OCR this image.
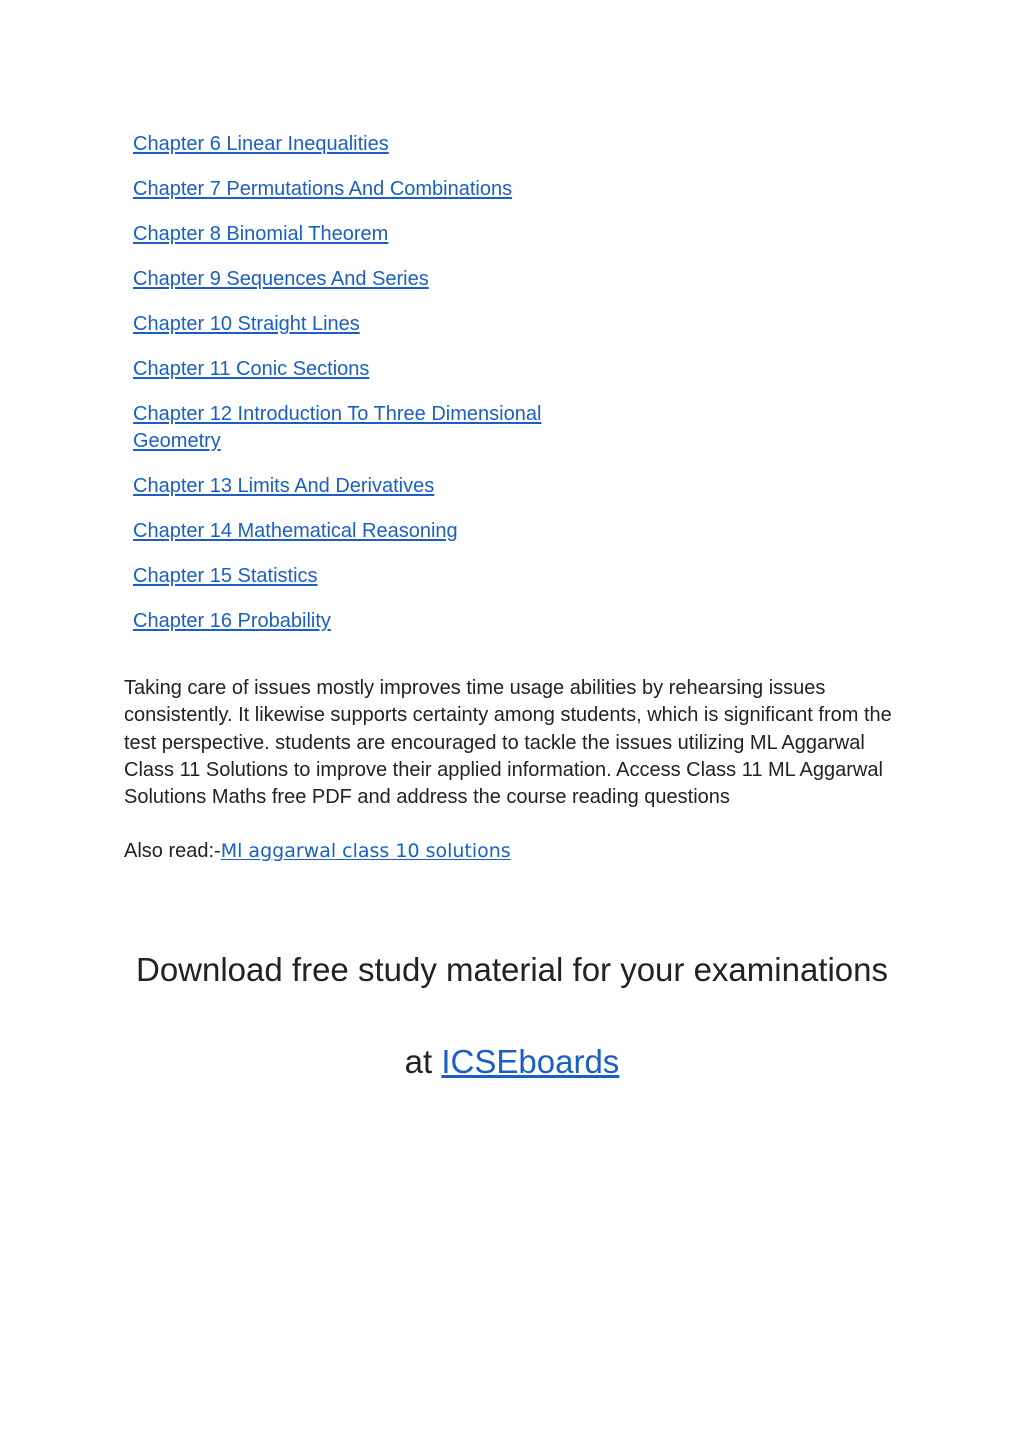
Chapter 6 Linear Inequalities
Chapter 7 Permutations And Combinations
Chapter 8 Binomial Theorem
Chapter 9 Sequences And Series
Chapter 10 Straight Lines
Chapter 11 Conic Sections
Chapter 12 Introduction To Three Dimensional Geometry
Chapter 13 Limits And Derivatives
Chapter 14 Mathematical Reasoning
Chapter 15 Statistics
Chapter 16 Probability

Taking care of issues mostly improves time usage abilities by rehearsing issues consistently. It likewise supports certainty among students, which is significant from the test perspective. students are encouraged to tackle the issues utilizing ML Aggarwal Class 11 Solutions to improve their applied information. Access Class 11 ML Aggarwal Solutions Maths free PDF and address the course reading questions

Also read:-Ml aggarwal class 10 solutions

Download free study material for your examinations
at ICSEboards
